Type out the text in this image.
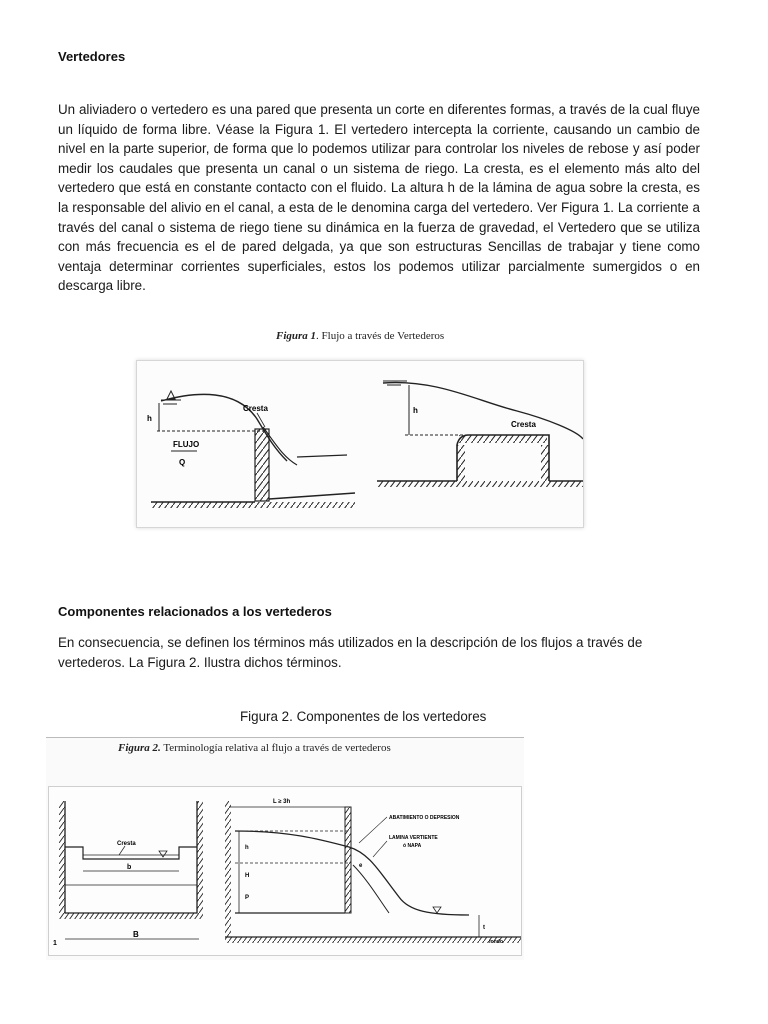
Vertedores

Un aliviadero o vertedero es una pared que presenta un corte en diferentes formas, a través de la cual fluye un líquido de forma libre. Véase la Figura 1. El vertedero intercepta la corriente, causando un cambio de nivel en la parte superior, de forma que lo podemos utilizar para controlar los niveles de rebose y así poder medir los caudales que presenta un canal o un sistema de riego. La cresta, es el elemento más alto del vertedero que está en constante contacto con el fluido. La altura h de la lámina de agua sobre la cresta, es la responsable del alivio en el canal, a esta de le denomina carga del vertedero. Ver Figura 1. La corriente a través del canal o sistema de riego tiene su dinámica en la fuerza de gravedad, el Vertedero que se utiliza con más frecuencia es el de pared delgada, ya que son estructuras Sencillas de trabajar y tiene como ventaja determinar corrientes superficiales, estos los podemos utilizar parcialmente sumergidos o en descarga libre.

Figura 1. Flujo a través de Vertederos
h
Cresta
FLUJO
Q
h
Cresta
Componentes relacionados a los vertederos

En consecuencia, se definen los términos más utilizados en la descripción de los flujos a través de vertederos. La Figura 2. Ilustra dichos términos.

Figura 2. Componentes de los vertedores
Figura 2. Terminología relativa al flujo a través de vertederos
Cresta
b
1
B
L ≥ 3h
h
H
P
e
ABATIMIENTO O DEPRESION
LAMINA VERTIENTE
ó NAPA
t
